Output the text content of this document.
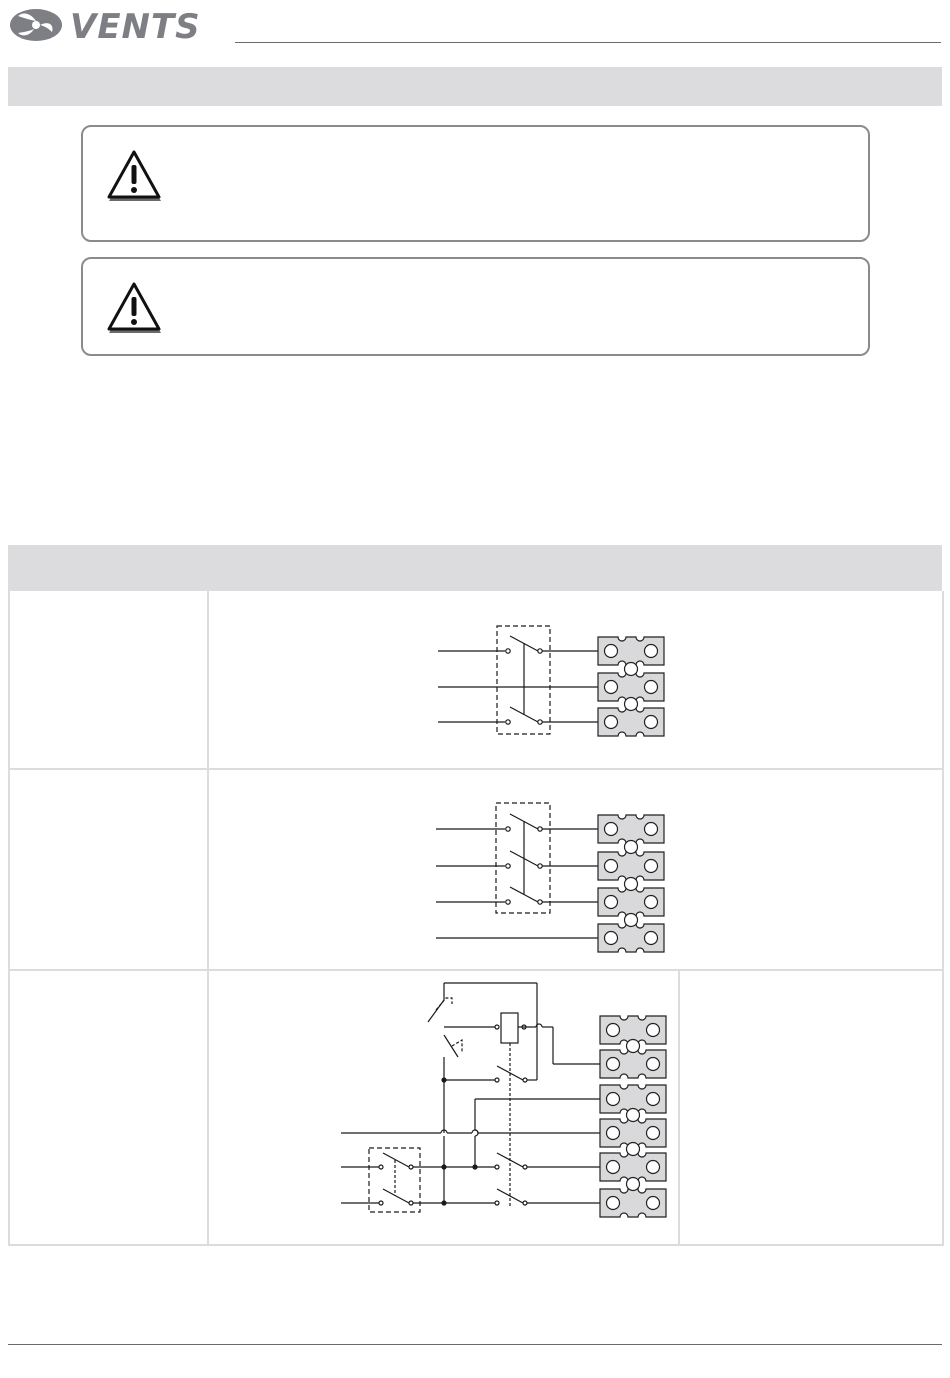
VENTS
